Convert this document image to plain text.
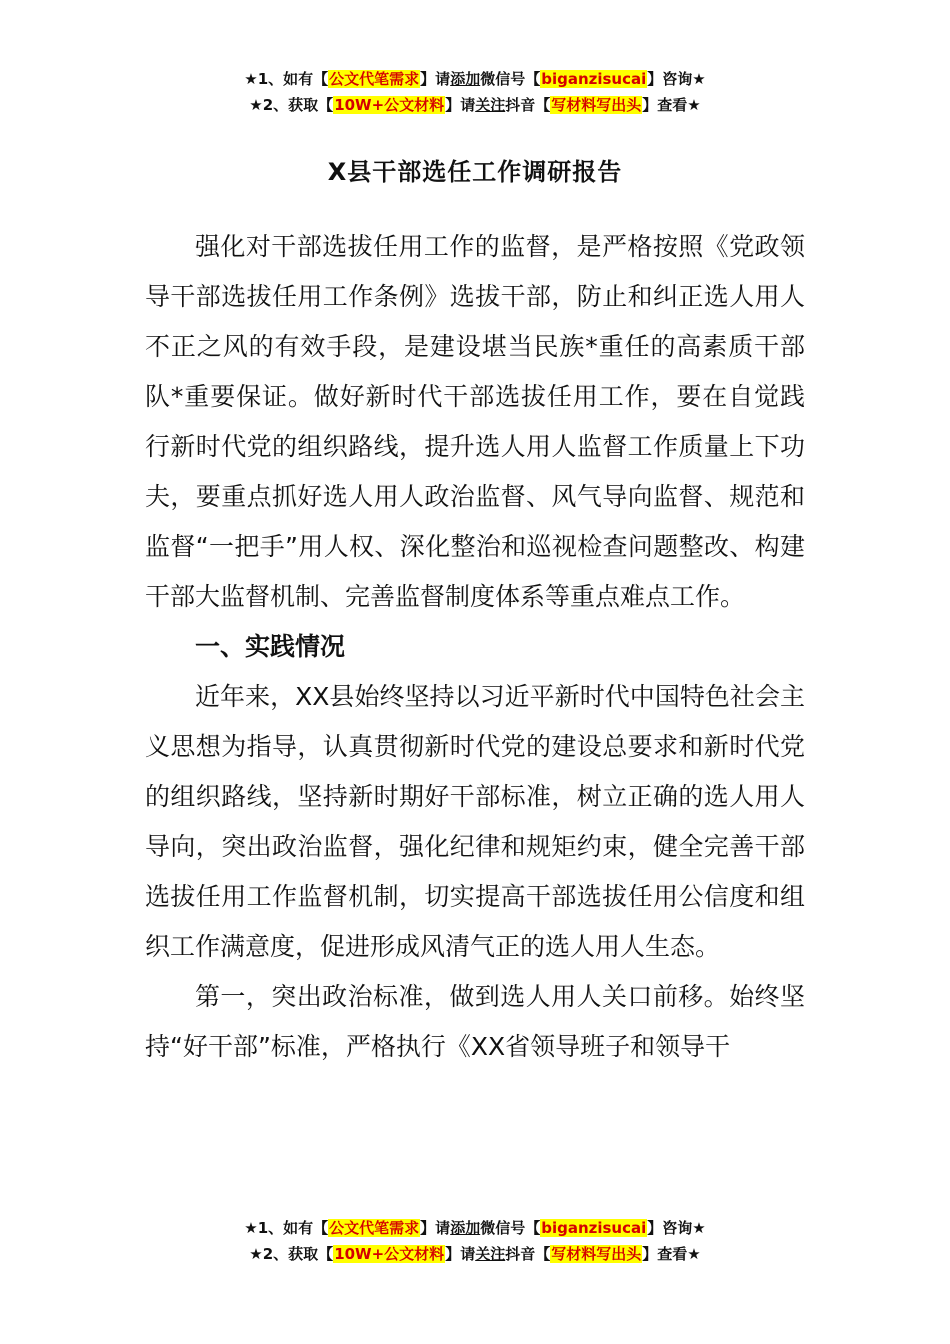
★1、如有【公文代笔需求】请添加微信号【biganzisucai】咨询★
★2、获取【10W+公文材料】请关注抖音【写材料写出头】查看★
X县干部选任工作调研报告

强化对干部选拔任用工作的监督，是严格按照《党政领导干部选拔任用工作条例》选拔干部，防止和纠正选人用人不正之风的有效手段，是建设堪当民族*重任的高素质干部队*重要保证。做好新时代干部选拔任用工作，要在自觉践行新时代党的组织路线，提升选人用人监督工作质量上下功夫，要重点抓好选人用人政治监督、风气导向监督、规范和监督“一把手”用人权、深化整治和巡视检查问题整改、构建干部大监督机制、完善监督制度体系等重点难点工作。

一、实践情况

近年来，XX县始终坚持以习近平新时代中国特色社会主义思想为指导，认真贯彻新时代党的建设总要求和新时代党的组织路线，坚持新时期好干部标准，树立正确的选人用人导向，突出政治监督，强化纪律和规矩约束，健全完善干部选拔任用工作监督机制，切实提高干部选拔任用公信度和组织工作满意度，促进形成风清气正的选人用人生态。

第一，突出政治标准，做到选人用人关口前移。始终坚持“好干部”标准，严格执行《XX省领导班子和领导干

★1、如有【公文代笔需求】请添加微信号【biganzisucai】咨询★
★2、获取【10W+公文材料】请关注抖音【写材料写出头】查看★
